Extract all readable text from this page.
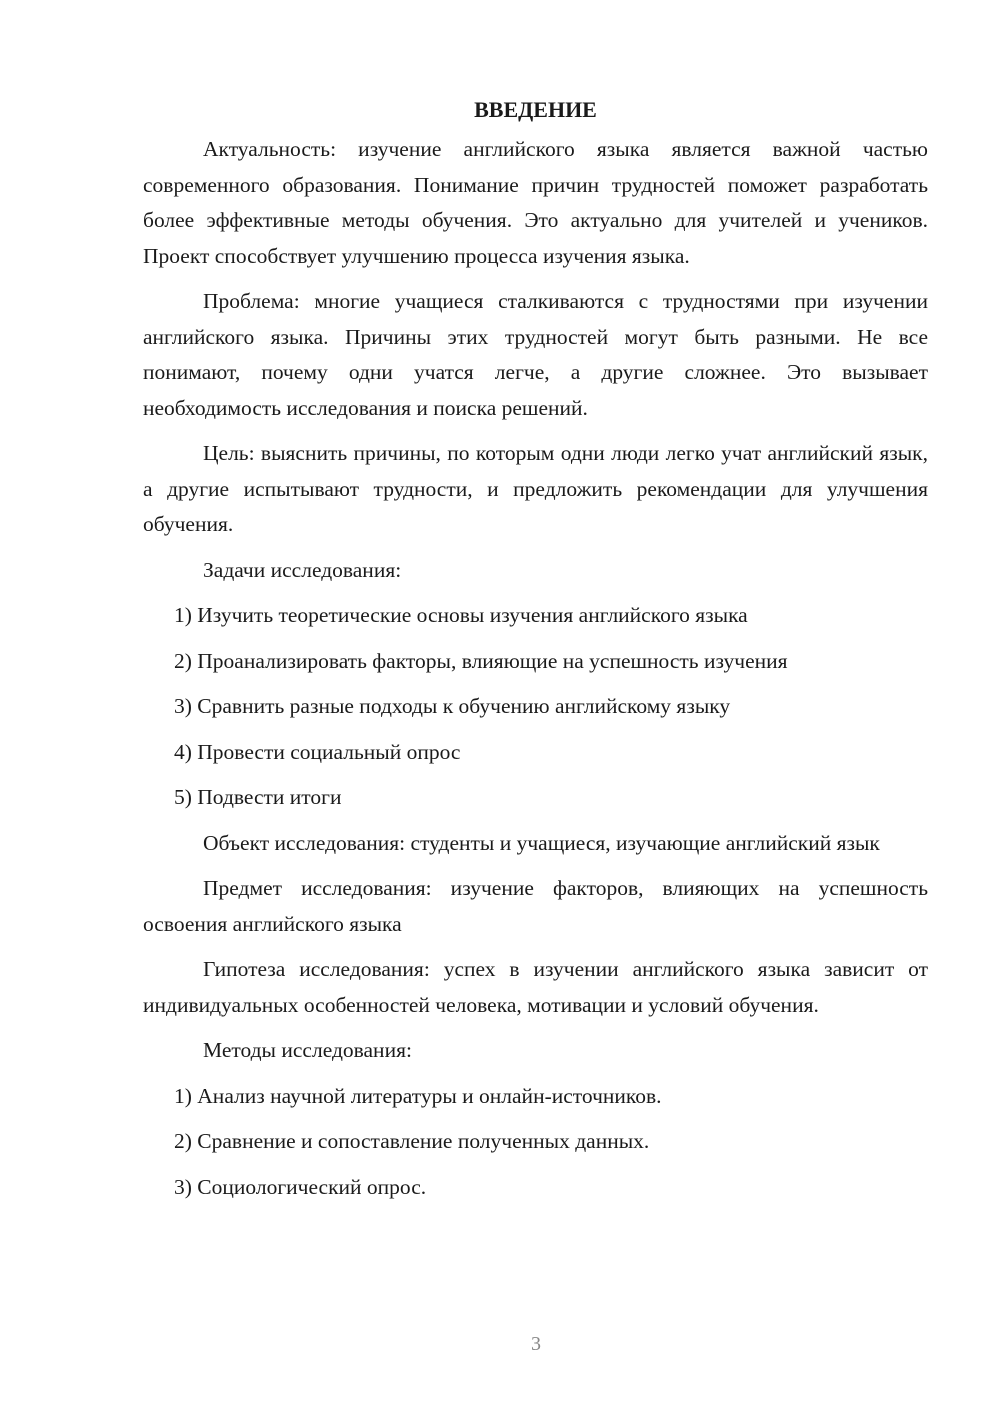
ВВЕДЕНИЕ

Актуальность: изучение английского языка является важной частью современного образования. Понимание причин трудностей поможет разработать более эффективные методы обучения. Это актуально для учителей и учеников. Проект способствует улучшению процесса изучения языка.

Проблема: многие учащиеся сталкиваются с трудностями при изучении английского языка. Причины этих трудностей могут быть разными. Не все понимают, почему одни учатся легче, а другие сложнее. Это вызывает необходимость исследования и поиска решений.

Цель: выяснить причины, по которым одни люди легко учат английский язык, а другие испытывают трудности, и предложить рекомендации для улучшения обучения.

Задачи исследования:

1) Изучить теоретические основы изучения английского языка
2) Проанализировать факторы, влияющие на успешность изучения
3) Сравнить разные подходы к обучению английскому языку
4) Провести социальный опрос
5) Подвести итоги

Объект исследования: студенты и учащиеся, изучающие английский язык

Предмет исследования: изучение факторов, влияющих на успешность освоения английского языка

Гипотеза исследования: успех в изучении английского языка зависит от индивидуальных особенностей человека, мотивации и условий обучения.

Методы исследования:

1) Анализ научной литературы и онлайн-источников.
2) Сравнение и сопоставление полученных данных.
3) Социологический опрос.
3
